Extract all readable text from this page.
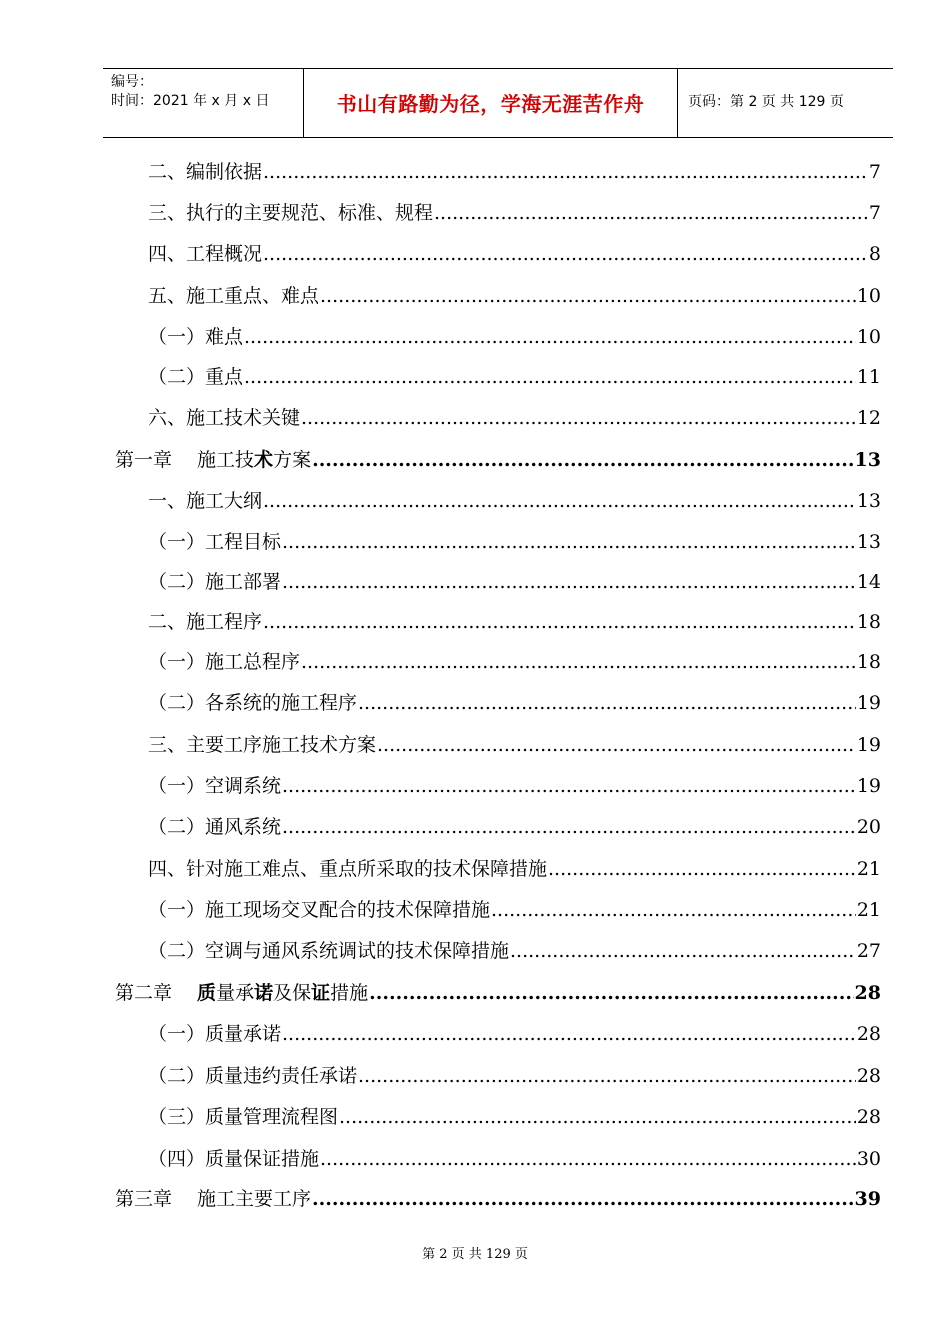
编号：
时间：2021 年 x 月 x 日	书山有路勤为径，学海无涯苦作舟	页码：第 2 页 共 129 页
二、编制依据 .....	7
三、执行的主要规范、标准、规程 .....	7
四、工程概况 .....	8
五、施工重点、难点 .....	10
（一）难点 .....	10
（二）重点 .....	11
六、施工技术关键 .....	12
第一章　 施工技术方案 .....	13
一、施工大纲 .....	13
（一）工程目标 .....	13
（二）施工部署 .....	14
二、施工程序 .....	18
（一）施工总程序 .....	18
（二）各系统的施工程序 .....	19
三、主要工序施工技术方案 .....	19
（一）空调系统 .....	19
（二）通风系统 .....	20
四、针对施工难点、重点所采取的技术保障措施 .....	21
（一）施工现场交叉配合的技术保障措施 .....	21
（二）空调与通风系统调试的技术保障措施 .....	27
第二章　 质量承诺及保证措施 .....	28
（一）质量承诺 .....	28
（二）质量违约责任承诺 .....	28
（三）质量管理流程图 .....	28
（四）质量保证措施 .....	30
第三章　 施工主要工序 .....	39
第 2 页 共 129 页
